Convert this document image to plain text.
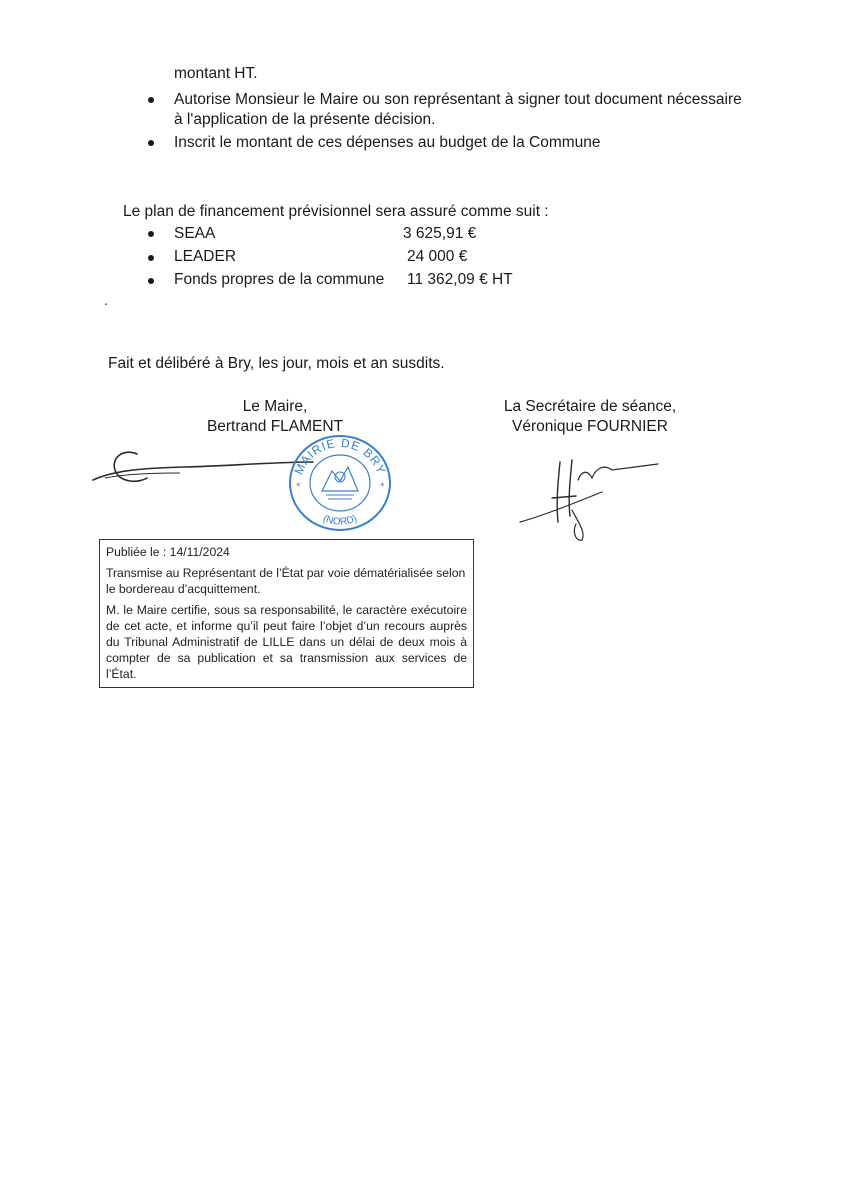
montant HT.
Autorise Monsieur le Maire ou son représentant à signer tout document nécessaire
à l'application de la présente décision.
Inscrit le montant de ces dépenses au budget de la Commune
Le plan de financement prévisionnel sera assuré comme suit :
SEAA	3 625,91 €
LEADER	24 000 €
Fonds propres de la commune 11 362,09 € HT
.
Fait et délibéré à Bry, les jour, mois et an susdits.
Le Maire,
Bertrand FLAMENT
La Secrétaire de séance,
Véronique FOURNIER
MAIRIE DE BRY
(NORD)
*	*

Publiée le : 14/11/2024

Transmise au Représentant de l’État par voie dématérialisée selon le bordereau d’acquittement.

M. le Maire certifie, sous sa responsabilité, le caractère exécutoire de cet acte, et informe qu’il peut faire l’objet d’un recours auprès du Tribunal Administratif de LILLE dans un délai de deux mois à compter de sa publication et sa transmission aux services de l’État.
